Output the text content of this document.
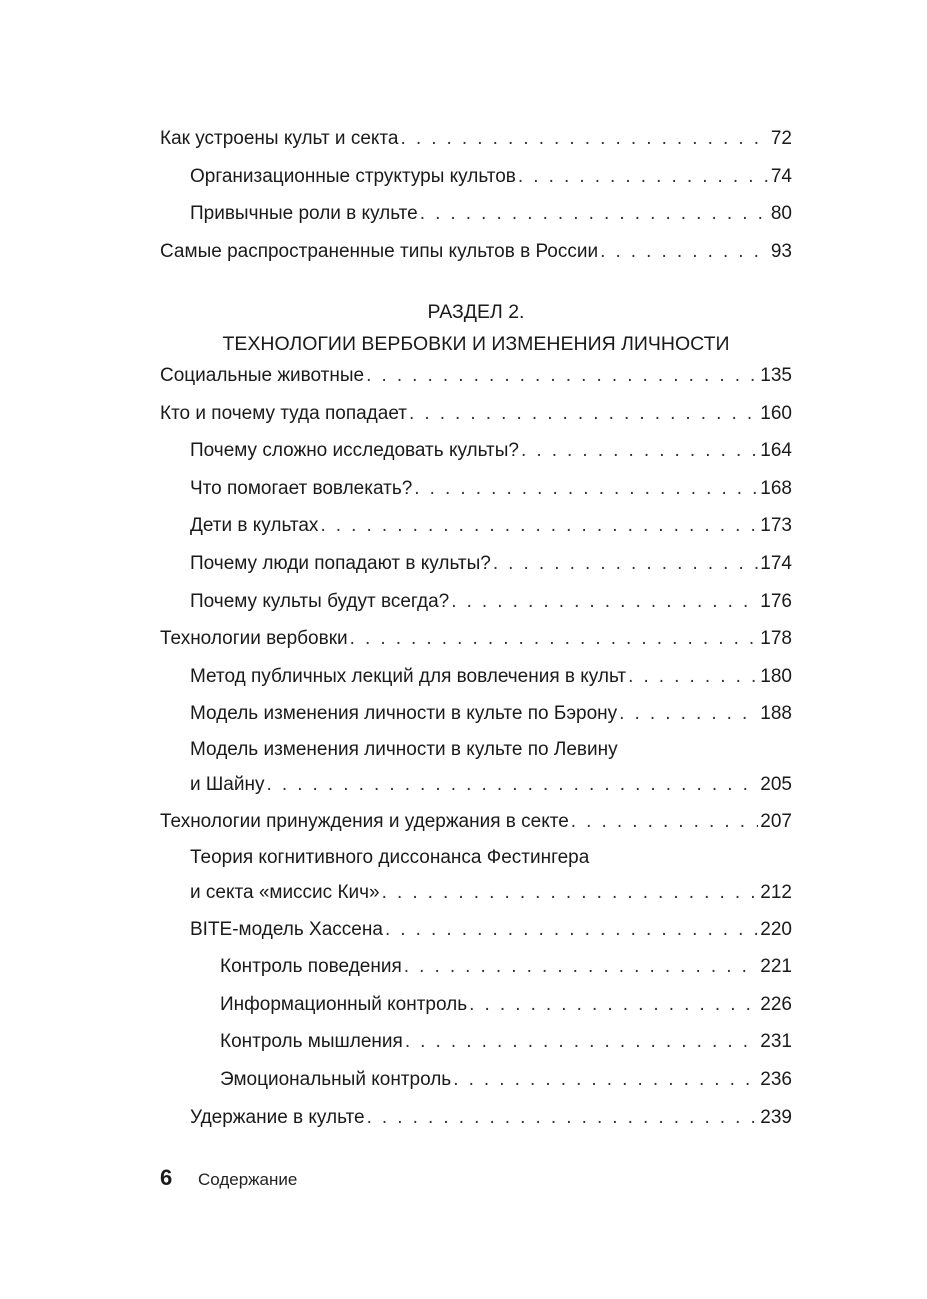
Как устроены культ и секта . . .	72
Организационные структуры культов . . .	74
Привычные роли в культе . . .	80
Самые распространенные типы культов в России . . .	93
РАЗДЕЛ 2.
ТЕХНОЛОГИИ ВЕРБОВКИ И ИЗМЕНЕНИЯ ЛИЧНОСТИ
Социальные животные . . .	135
Кто и почему туда попадает . . .	160
Почему сложно исследовать культы? . . .	164
Что помогает вовлекать? . . .	168
Дети в культах . . .	173
Почему люди попадают в культы? . . .	174
Почему культы будут всегда? . . .	176
Технологии вербовки . . .	178
Метод публичных лекций для вовлечения в культ . . .	180
Модель изменения личности в культе по Бэрону . . .	188
Модель изменения личности в культе по Левину
и Шайну . . .	205
Технологии принуждения и удержания в секте . . .	207
Теория когнитивного диссонанса Фестингера
и секта «миссис Кич» . . .	212
BITE-модель Хассена . . .	220
Контроль поведения . . .	221
Информационный контроль . . .	226
Контроль мышления . . .	231
Эмоциональный контроль . . .	236
Удержание в культе . . .	239
6	Содержание
